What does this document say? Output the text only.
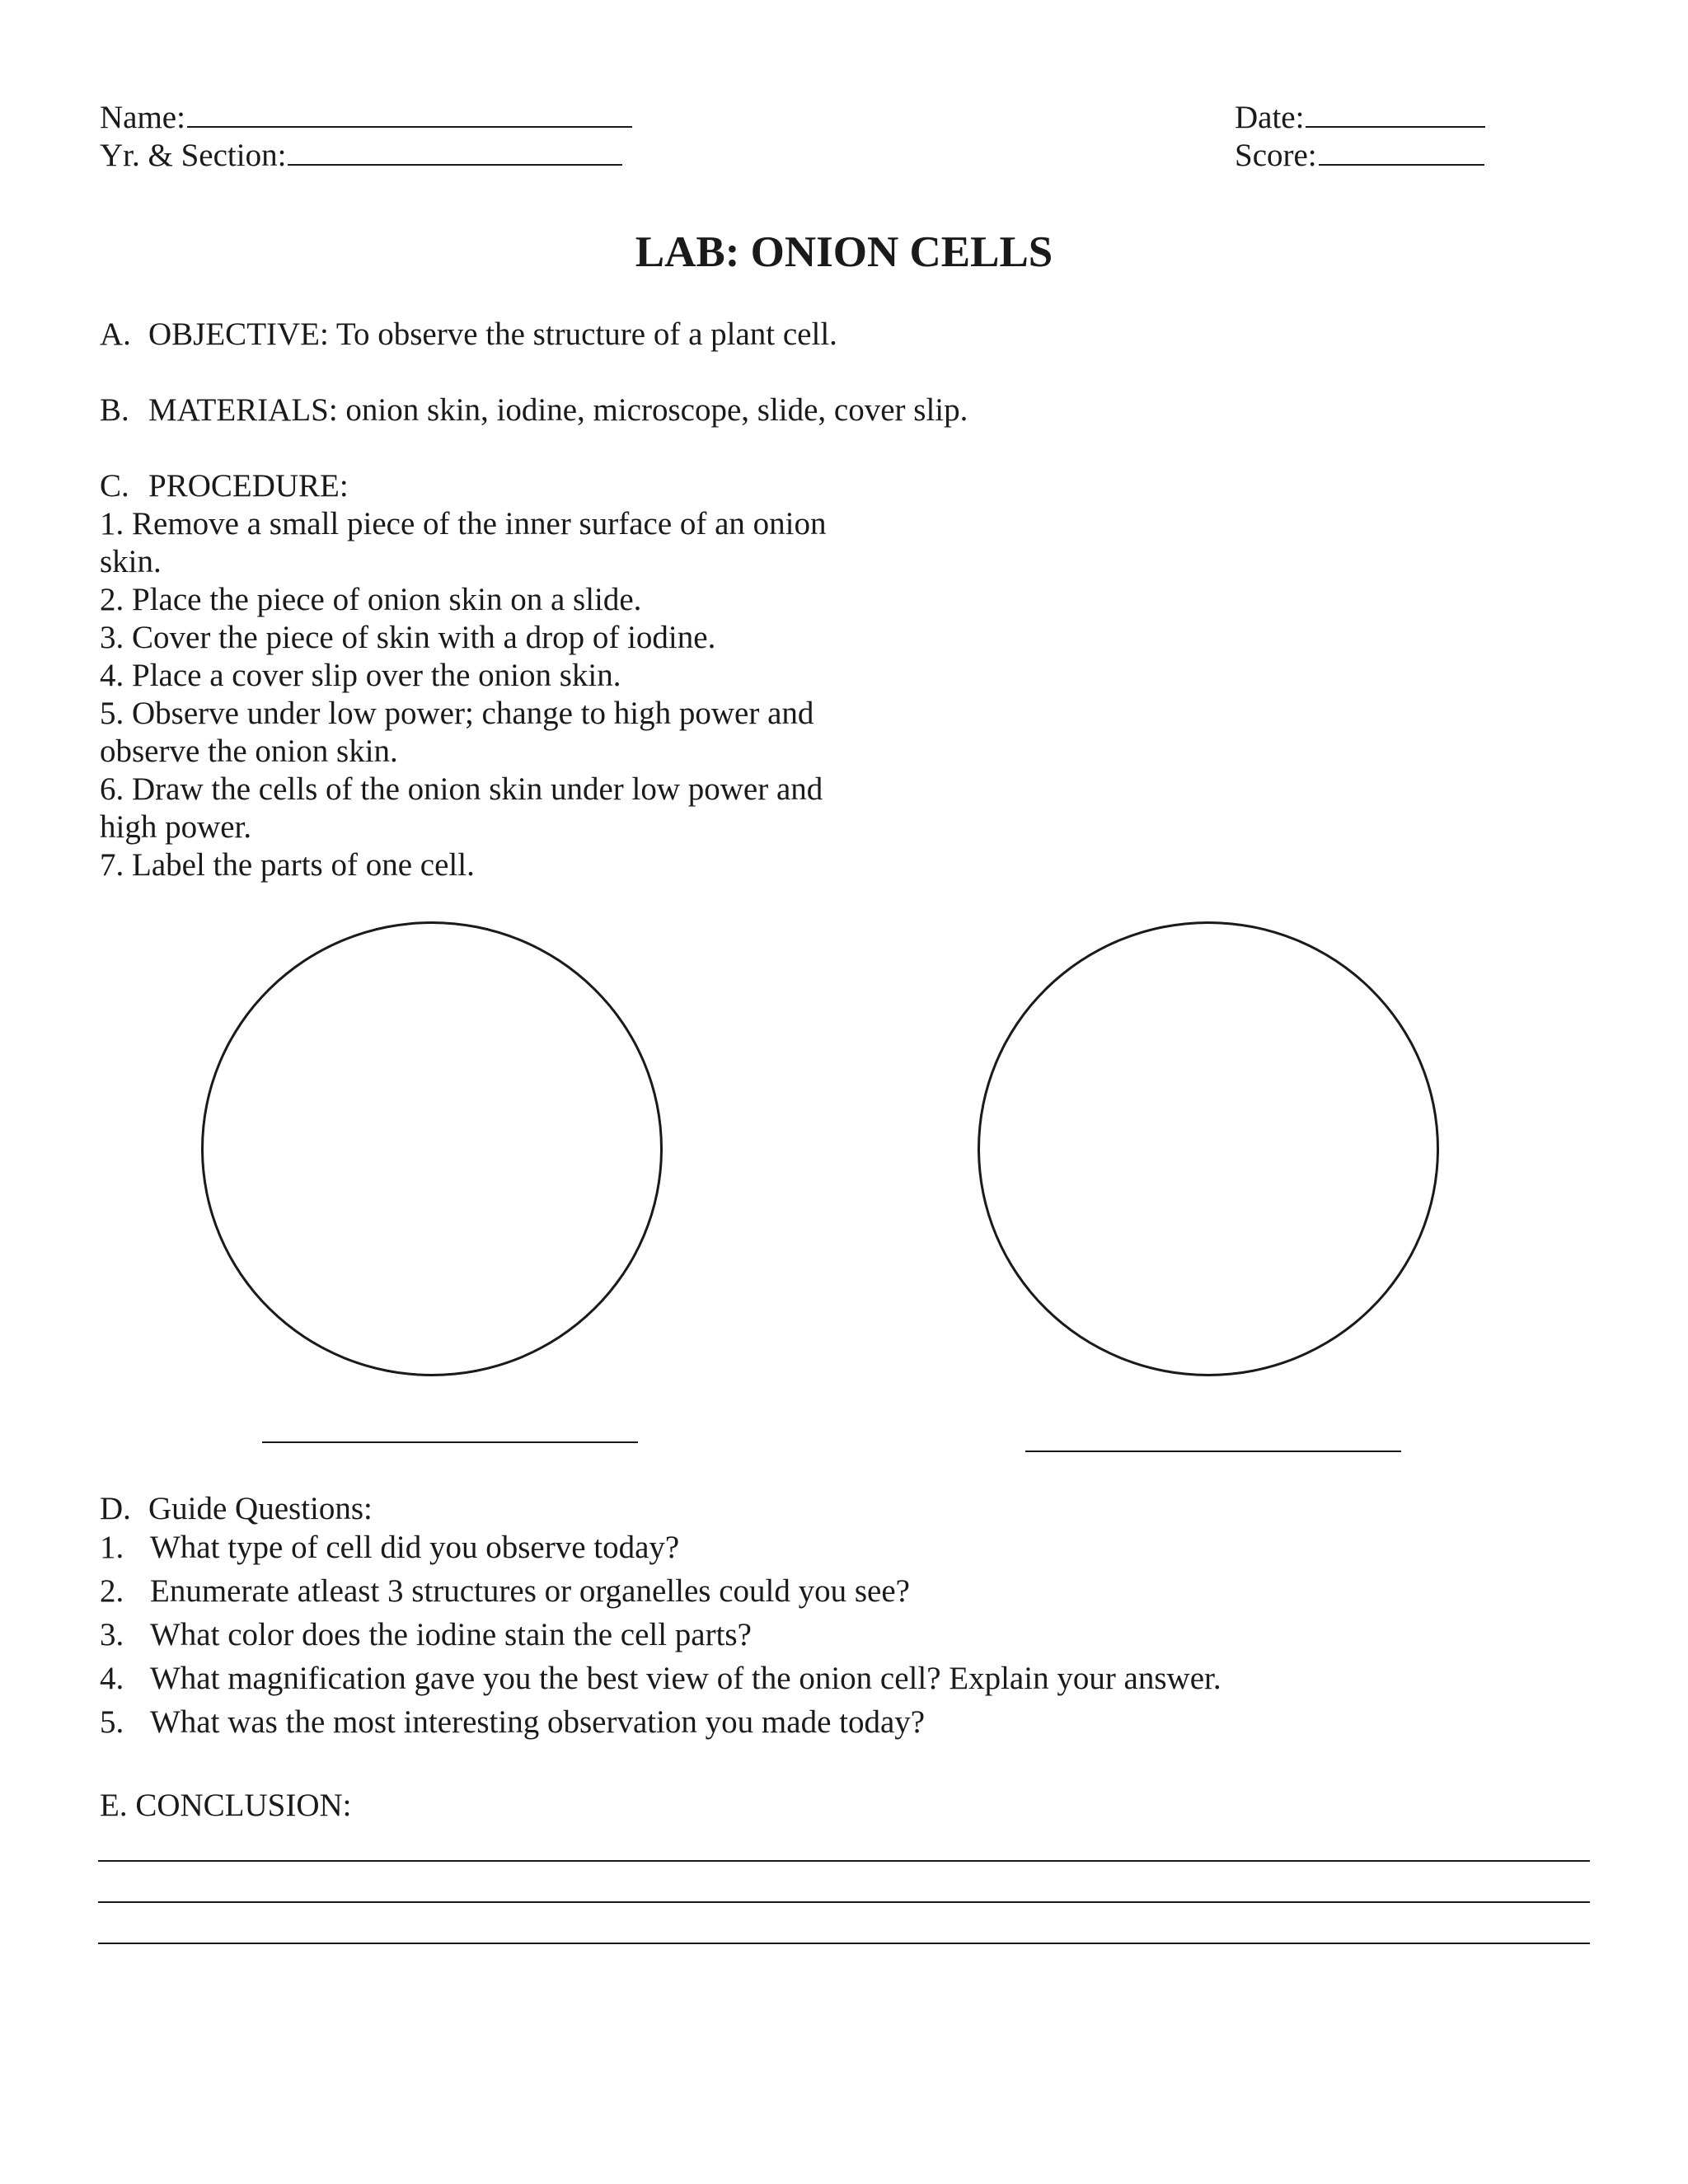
Name:
Yr. & Section:
Date:
Score:
LAB: ONION CELLS
A. OBJECTIVE: To observe the structure of a plant cell.
B. MATERIALS: onion skin, iodine, microscope, slide, cover slip.
C. PROCEDURE:
1. Remove a small piece of the inner surface of an onion
skin.
2. Place the piece of onion skin on a slide.
3. Cover the piece of skin with a drop of iodine.
4. Place a cover slip over the onion skin.
5. Observe under low power; change to high power and
observe the onion skin.
6. Draw the cells of the onion skin under low power and
high power.
7. Label the parts of one cell.
D. Guide Questions:
1. What type of cell did you observe today?
2. Enumerate atleast 3 structures or organelles could you see?
3. What color does the iodine stain the cell parts?
4. What magnification gave you the best view of the onion cell? Explain your answer.
5. What was the most interesting observation you made today?
E. CONCLUSION:
